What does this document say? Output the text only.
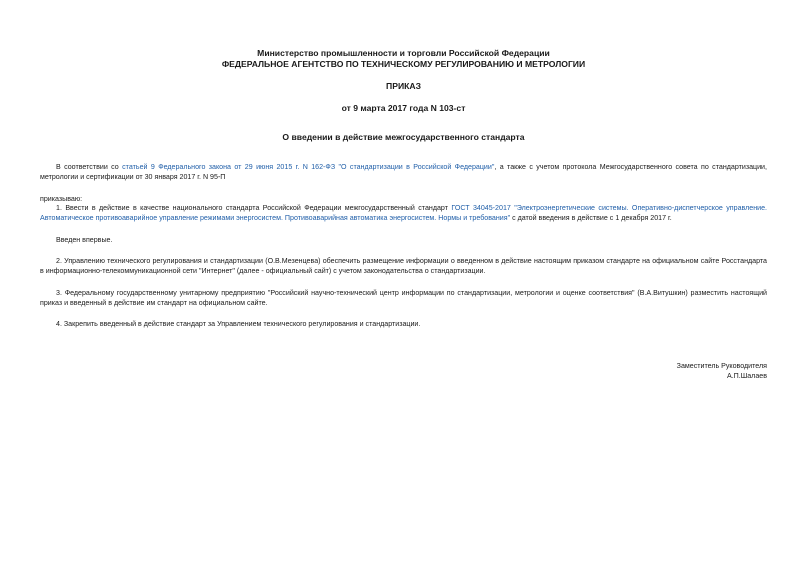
Министерство промышленности и торговли Российской Федерации
ФЕДЕРАЛЬНОЕ АГЕНТСТВО ПО ТЕХНИЧЕСКОМУ РЕГУЛИРОВАНИЮ И МЕТРОЛОГИИ
ПРИКАЗ
от 9 марта 2017 года N 103-ст
О введении в действие межгосударственного стандарта
В соответствии со статьей 9 Федерального закона от 29 июня 2015 г. N 162-ФЗ "О стандартизации в Российской Федерации", а также с учетом протокола Межгосударственного совета по стандартизации, метрологии и сертификации от 30 января 2017 г. N 95-П
приказываю:
1. Ввести в действие в качестве национального стандарта Российской Федерации межгосударственный стандарт ГОСТ 34045-2017 "Электроэнергетические системы. Оперативно-диспетчерское управление. Автоматическое противоаварийное управление режимами энергосистем. Противоаварийная автоматика энергосистем. Нормы и требования" с датой введения в действие с 1 декабря 2017 г.
Введен впервые.
2. Управлению технического регулирования и стандартизации (О.В.Мезенцева) обеспечить размещение информации о введенном в действие настоящим приказом стандарте на официальном сайте Росстандарта в информационно-телекоммуникационной сети "Интернет" (далее - официальный сайт) с учетом законодательства о стандартизации.
3. Федеральному государственному унитарному предприятию "Российский научно-технический центр информации по стандартизации, метрологии и оценке соответствия" (В.А.Витушкин) разместить настоящий приказ и введенный в действие им стандарт на официальном сайте.
4. Закрепить введенный в действие стандарт за Управлением технического регулирования и стандартизации.
Заместитель Руководителя
А.П.Шалаев
